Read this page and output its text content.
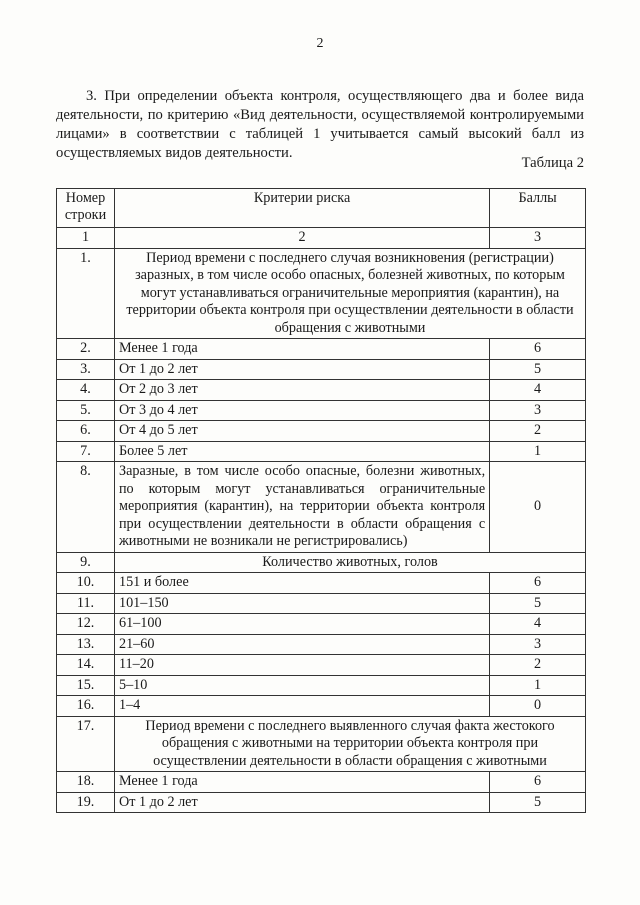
2
3. При определении объекта контроля, осуществляющего два и более вида деятельности, по критерию «Вид деятельности, осуществляемой контролируемыми лицами» в соответствии с таблицей 1 учитывается самый высокий балл из осуществляемых видов деятельности.
Таблица 2
Номер строки	Критерии риска	Баллы
1	2	3
1.	Период времени с последнего случая возникновения (регистрации) заразных, в том числе особо опасных, болезней животных, по которым могут устанавливаться ограничительные мероприятия (карантин), на территории объекта контроля при осуществлении деятельности в области обращения с животными	
2.	Менее 1 года	6
3.	От 1 до 2 лет	5
4.	От 2 до 3 лет	4
5.	От 3 до 4 лет	3
6.	От 4 до 5 лет	2
7.	Более 5 лет	1
8.	Заразные, в том числе особо опасные, болезни животных, по которым могут устанавливаться ограничительные мероприятия (карантин), на территории объекта контроля при осуществлении деятельности в области обращения с животными не возникали не регистрировались)	0
9.	Количество животных, голов	
10.	151 и более	6
11.	101–150	5
12.	61–100	4
13.	21–60	3
14.	11–20	2
15.	5–10	1
16.	1–4	0
17.	Период времени с последнего выявленного случая факта жестокого обращения с животными на территории объекта контроля при осуществлении деятельности в области обращения с животными	
18.	Менее 1 года	6
19.	От 1 до 2 лет	5
